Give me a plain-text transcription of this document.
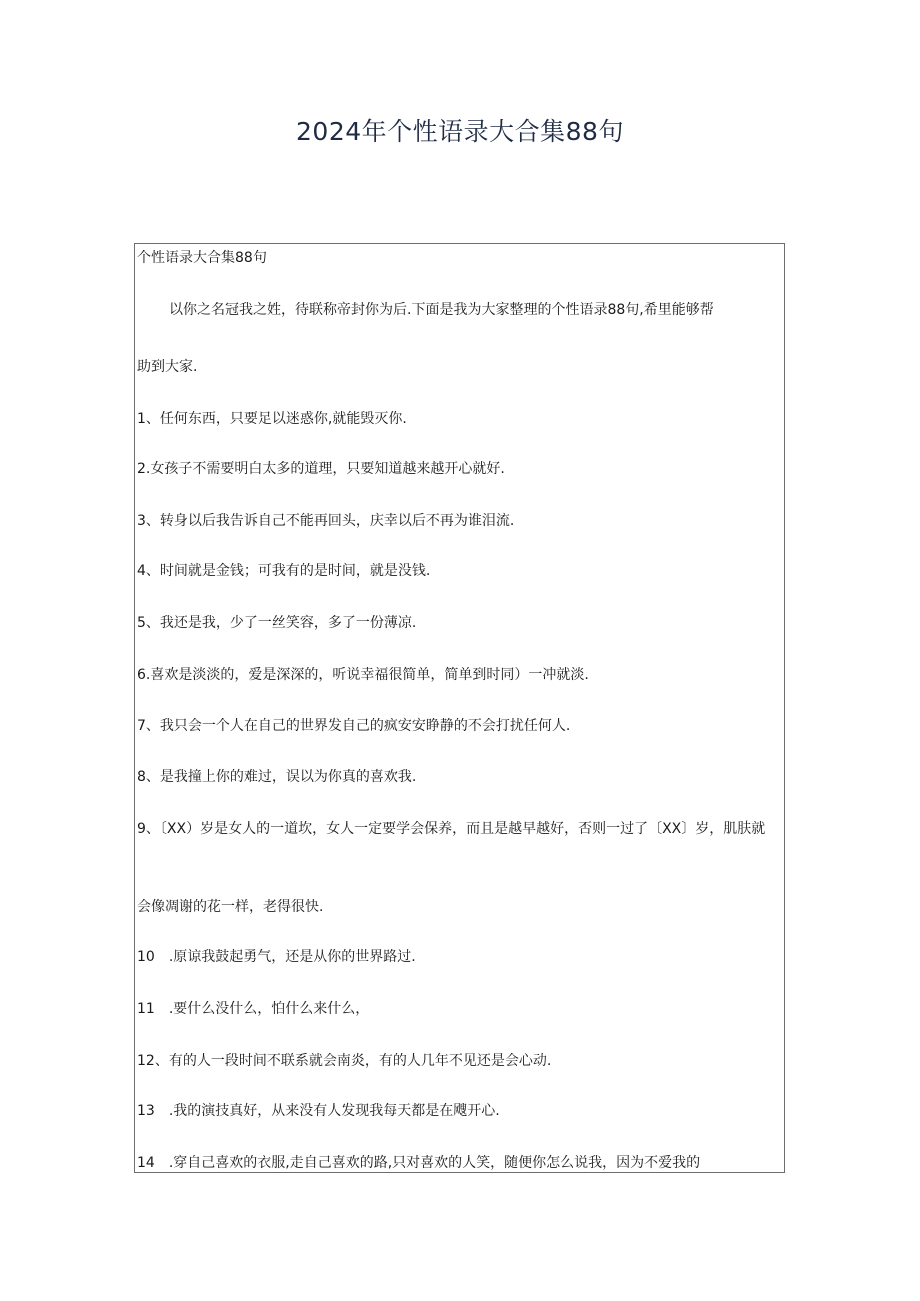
2024年个性语录大合集88句
个性语录大合集88句
以你之名冠我之姓，待联称帝封你为后.下面是我为大家整理的个性语录88句,希里能够帮
助到大家.
1、任何东西，只要足以迷惑你,就能毁灭你.
2.女孩子不需要明白太多的道理，只要知道越来越开心就好.
3、转身以后我告诉自己不能再回头，庆幸以后不再为谁泪流.
4、时间就是金钱；可我有的是时间，就是没钱.
5、我还是我，少了一丝笑容，多了一份薄凉.
6.喜欢是淡淡的，爱是深深的，听说幸福很简单，简单到时同）一冲就淡.
7、我只会一个人在自己的世界发自己的疯安安睁静的不会打扰任何人.
8、是我撞上你的难过，误以为你真的喜欢我.
9、〔XX）岁是女人的一道坎，女人一定要学会保养，而且是越早越好，否则一过了〔XX〕岁，肌肤就
会像凋谢的花一样，老得很快.
10　.原谅我鼓起勇气，还是从你的世界路过.
11　.要什么没什么，怕什么来什么，
12、有的人一段时间不联系就会南炎，有的人几年不见还是会心动.
13　.我的演技真好，从来没有人发现我每天都是在飕开心.
14　.穿自己喜欢的衣服,走自己喜欢的路,只对喜欢的人笑，随便你怎么说我，因为不爱我的
